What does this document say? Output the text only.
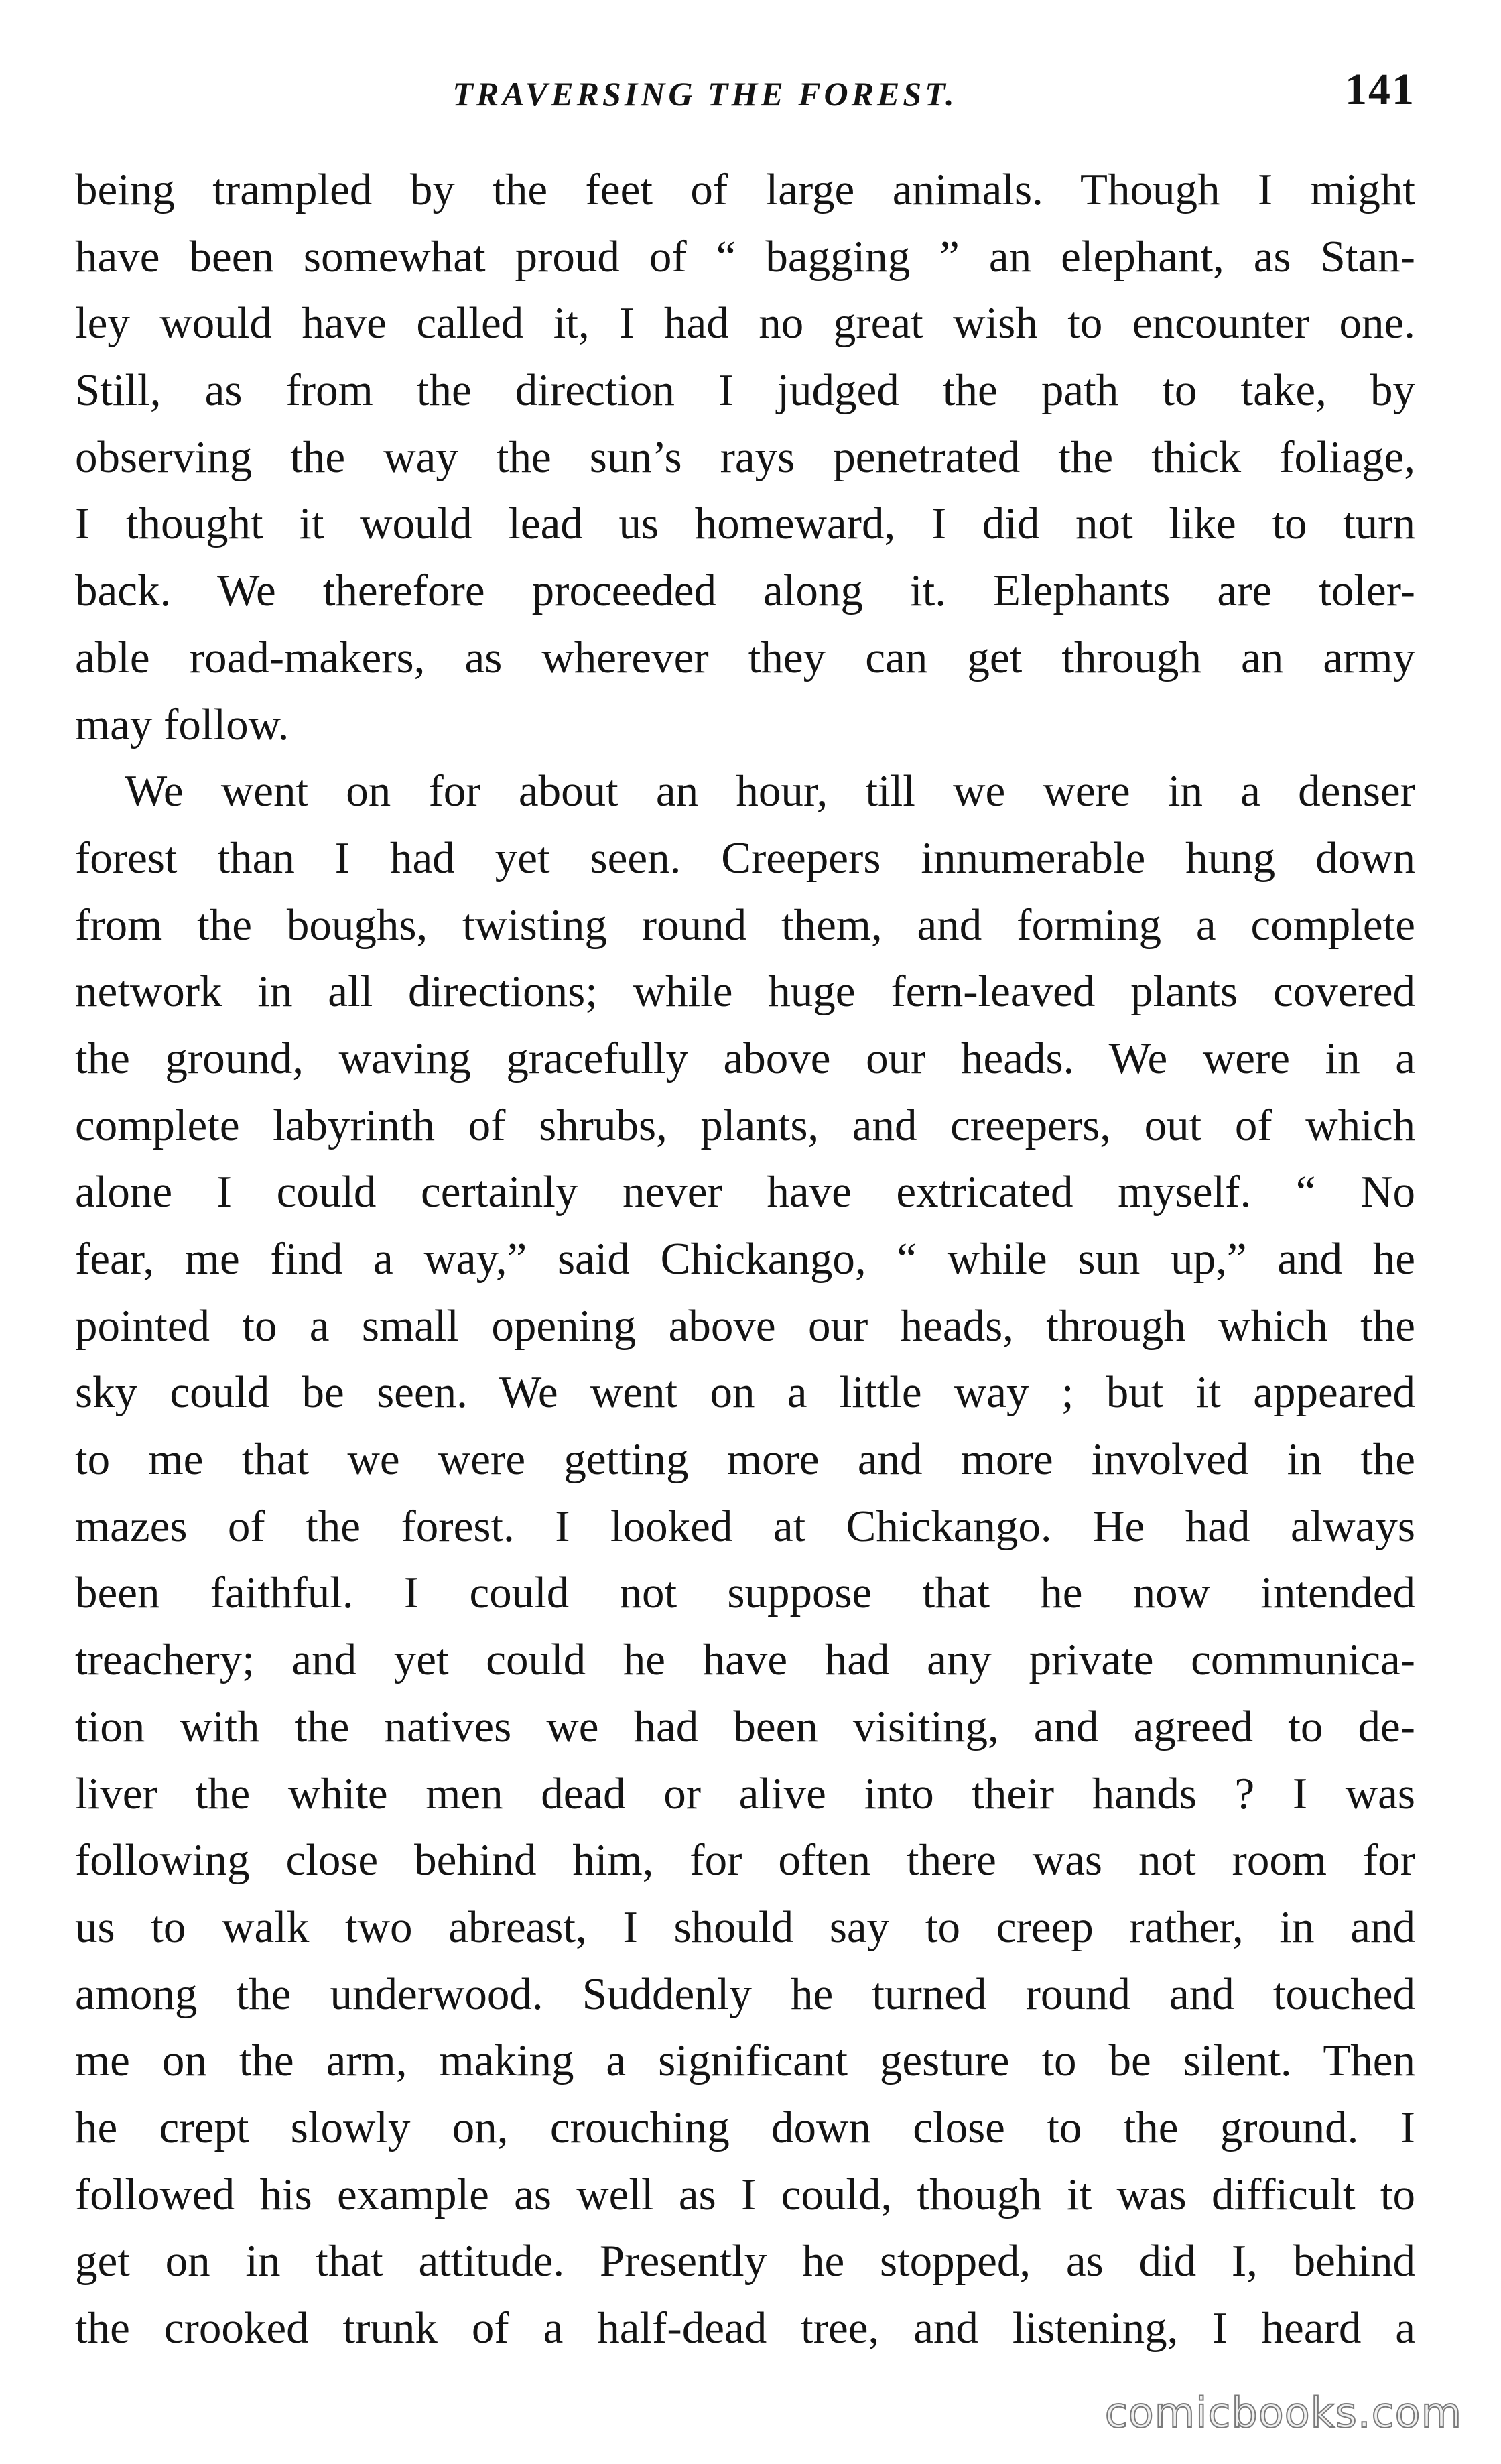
TRAVERSING THE FOREST.	141
being trampled by the feet of large animals. Though I might
have been somewhat proud of “ bagging ” an elephant, as Stan-
ley would have called it, I had no great wish to encounter one.
Still, as from the direction I judged the path to take, by
observing the way the sun’s rays penetrated the thick foliage,
I thought it would lead us homeward, I did not like to turn
back. We therefore proceeded along it. Elephants are toler-
able road-makers, as wherever they can get through an army
may follow.
We went on for about an hour, till we were in a denser
forest than I had yet seen. Creepers innumerable hung down
from the boughs, twisting round them, and forming a complete
network in all directions; while huge fern-leaved plants covered
the ground, waving gracefully above our heads. We were in a
complete labyrinth of shrubs, plants, and creepers, out of which
alone I could certainly never have extricated myself. “ No
fear, me find a way,” said Chickango, “ while sun up,” and he
pointed to a small opening above our heads, through which the
sky could be seen. We went on a little way ; but it appeared
to me that we were getting more and more involved in the
mazes of the forest. I looked at Chickango. He had always
been faithful. I could not suppose that he now intended
treachery; and yet could he have had any private communica-
tion with the natives we had been visiting, and agreed to de-
liver the white men dead or alive into their hands ? I was
following close behind him, for often there was not room for
us to walk two abreast, I should say to creep rather, in and
among the underwood. Suddenly he turned round and touched
me on the arm, making a significant gesture to be silent. Then
he crept slowly on, crouching down close to the ground. I
followed his example as well as I could, though it was difficult to
get on in that attitude. Presently he stopped, as did I, behind
the crooked trunk of a half-dead tree, and listening, I heard a
comicbooks.com
